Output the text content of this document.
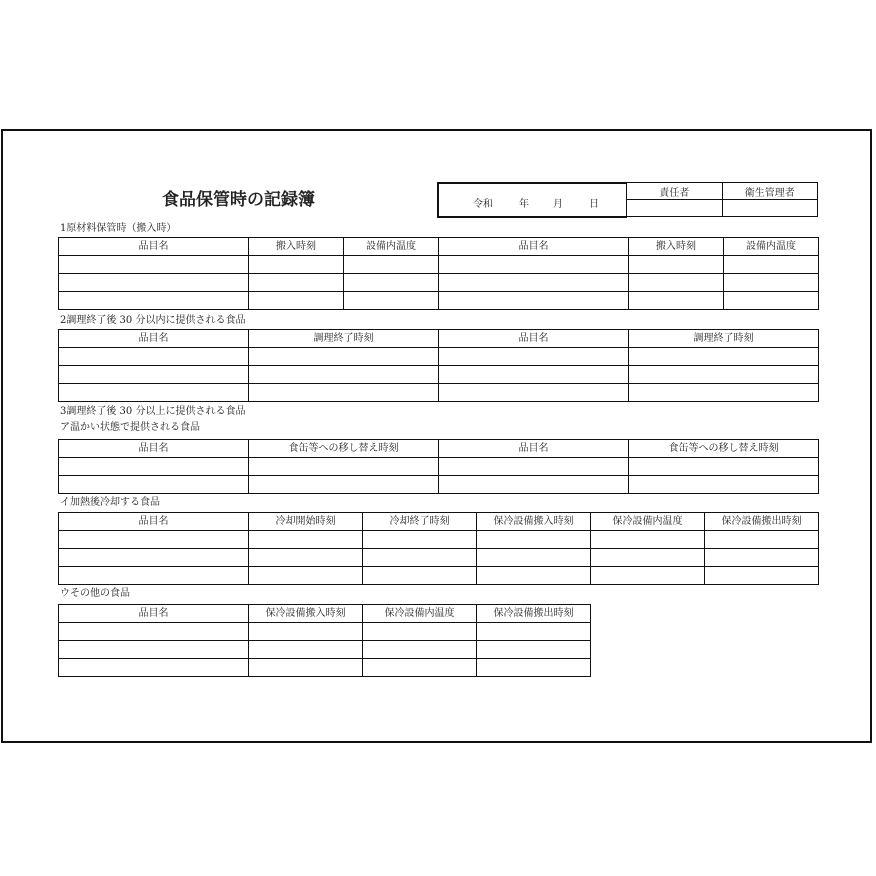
食品保管時の記録簿	令和	年 月	日
責任者	衛生管理者

1原材料保管時（搬入時）
品目名	搬入時刻	設備内温度	品目名	搬入時刻	設備内温度

2調理終了後 30 分以内に提供される食品
品目名	調理終了時刻	品目名	調理終了時刻

3調理終了後 30 分以上に提供される食品
ア温かい状態で提供される食品
品目名	食缶等への移し替え時刻	品目名	食缶等への移し替え時刻

イ加熱後冷却する食品
品目名	冷却開始時刻	冷却終了時刻	保冷設備搬入時刻	保冷設備内温度	保冷設備搬出時刻

ウその他の食品
品目名	保冷設備搬入時刻	保冷設備内温度	保冷設備搬出時刻
